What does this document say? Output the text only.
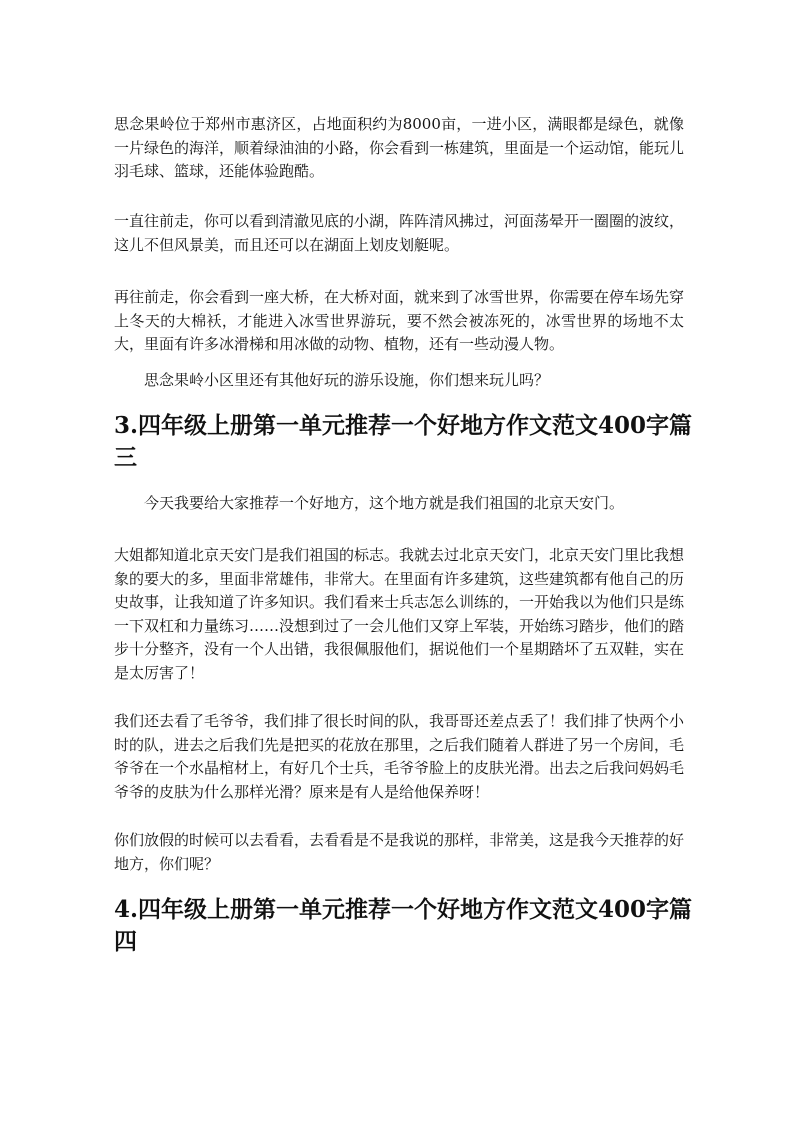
思念果岭位于郑州市惠济区，占地面积约为8000亩，一进小区，满眼都是绿色，就像一片绿色的海洋，顺着绿油油的小路，你会看到一栋建筑，里面是一个运动馆，能玩儿羽毛球、篮球，还能体验跑酷。

一直往前走，你可以看到清澈见底的小湖，阵阵清风拂过，河面荡晕开一圈圈的波纹，这儿不但风景美，而且还可以在湖面上划皮划艇呢。

再往前走，你会看到一座大桥，在大桥对面，就来到了冰雪世界，你需要在停车场先穿上冬天的大棉袄，才能进入冰雪世界游玩，要不然会被冻死的，冰雪世界的场地不太大，里面有许多冰滑梯和用冰做的动物、植物，还有一些动漫人物。

思念果岭小区里还有其他好玩的游乐设施，你们想来玩儿吗？

3.四年级上册第一单元推荐一个好地方作文范文400字篇三

今天我要给大家推荐一个好地方，这个地方就是我们祖国的北京天安门。

大姐都知道北京天安门是我们祖国的标志。我就去过北京天安门，北京天安门里比我想象的要大的多，里面非常雄伟，非常大。在里面有许多建筑，这些建筑都有他自己的历史故事，让我知道了许多知识。我们看来士兵志怎么训练的，一开始我以为他们只是练一下双杠和力量练习……没想到过了一会儿他们又穿上军装，开始练习踏步，他们的踏步十分整齐，没有一个人出错，我很佩服他们，据说他们一个星期踏坏了五双鞋，实在是太厉害了！

我们还去看了毛爷爷，我们排了很长时间的队，我哥哥还差点丢了！我们排了快两个小时的队，进去之后我们先是把买的花放在那里，之后我们随着人群进了另一个房间，毛爷爷在一个水晶棺材上，有好几个士兵，毛爷爷脸上的皮肤光滑。出去之后我问妈妈毛爷爷的皮肤为什么那样光滑？原来是有人是给他保养呀！

你们放假的时候可以去看看，去看看是不是我说的那样，非常美，这是我今天推荐的好地方，你们呢？

4.四年级上册第一单元推荐一个好地方作文范文400字篇四
